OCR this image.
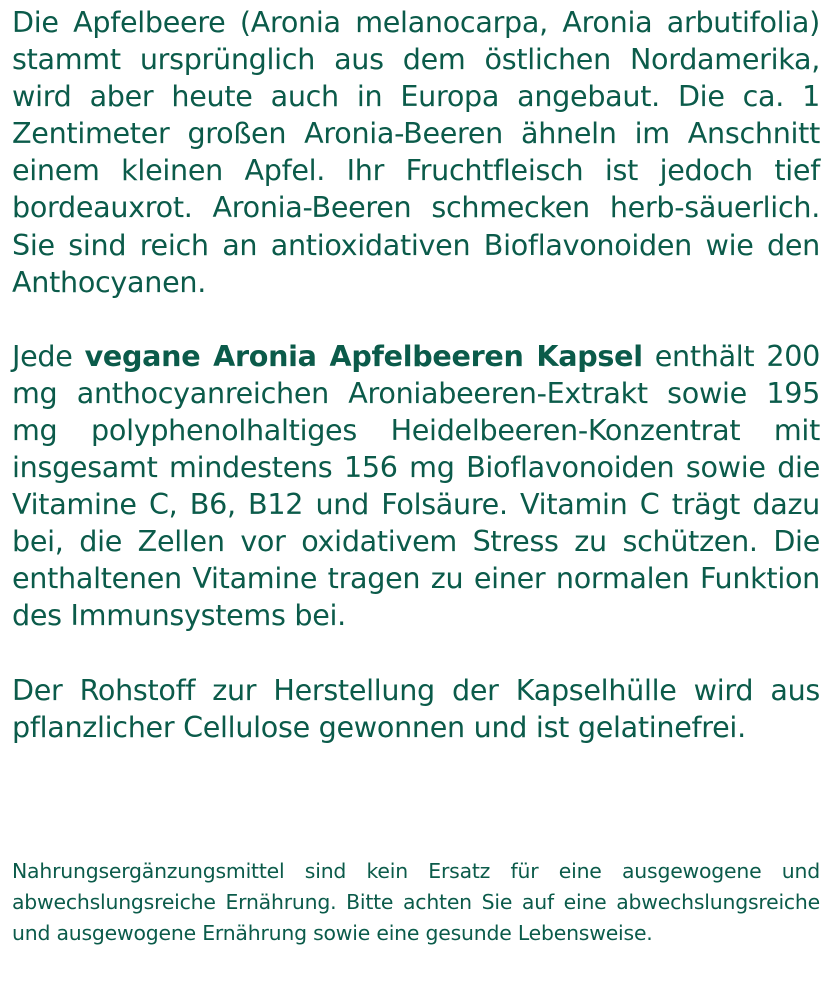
Die Apfelbeere (Aronia melanocarpa, Aronia arbutifolia) stammt ursprünglich aus dem östlichen Nordamerika, wird aber heute auch in Europa angebaut. Die ca. 1 Zentimeter großen Aronia-Beeren ähneln im Anschnitt einem kleinen Apfel. Ihr Fruchtfleisch ist jedoch tief bordeauxrot. Aronia-Beeren schmecken herb-säuerlich. Sie sind reich an antioxidativen Bioflavonoiden wie den Anthocyanen.

Jede vegane Aronia Apfelbeeren Kapsel enthält 200 mg anthocyanreichen Aroniabeeren-Extrakt sowie 195 mg polyphenolhaltiges Heidelbeeren-Konzentrat mit insgesamt mindestens 156 mg Bioflavonoiden sowie die Vitamine C, B6, B12 und Folsäure. Vitamin C trägt dazu bei, die Zellen vor oxidativem Stress zu schützen. Die enthaltenen Vitamine tragen zu einer normalen Funktion des Immunsystems bei.

Der Rohstoff zur Herstellung der Kapselhülle wird aus pflanzlicher Cellulose gewonnen und ist gelatinefrei.

Nahrungsergänzungsmittel sind kein Ersatz für eine ausgewogene und abwechslungsreiche Ernährung. Bitte achten Sie auf eine abwechslungsreiche und ausgewogene Ernährung sowie eine gesunde Lebensweise.
